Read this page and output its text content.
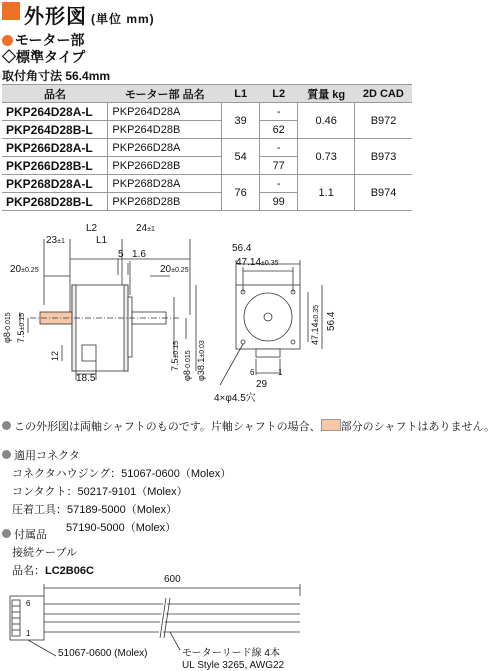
外形図 (単位 mm)
モーター部
◇標準タイプ
取付角寸法 56.4mm
品名	モーター部 品名	L1	L2	質量 kg	2D CAD
PKP264D28A-L	PKP264D28A	39	-	0.46	B972
PKP264D28B-L	PKP264D28B		62		
PKP266D28A-L	PKP266D28A	54	-	0.73	B973
PKP266D28B-L	PKP266D28B		77		
PKP268D28A-L	PKP268D28A	76	-	1.1	B974
PKP268D28B-L	PKP268D28B		99		
L2	24±1
23±1	L1
5 1.6
20±0.25	20±0.25
56.4
47.14±0.35
29
6	1
4×φ4.5穴
18.5
φ8-0.015
7.5±0.15
12
7.5±0.15
φ8-0.015 φ38.1±0.03
47.14±0.35 56.4
この外形図は両軸シャフトのものです。片軸シャフトの場合、 部分のシャフトはありません。
適用コネクタ
コネクタハウジング：51067-0600（Molex）
コンタクト：50217-9101（Molex）
圧着工具：57189-5000（Molex）
57190-5000（Molex）
付属品
接続ケーブル
品名：LC2B06C
600
6
1
51067-0600 (Molex)	モーターリード線 4本
UL Style 3265, AWG22
